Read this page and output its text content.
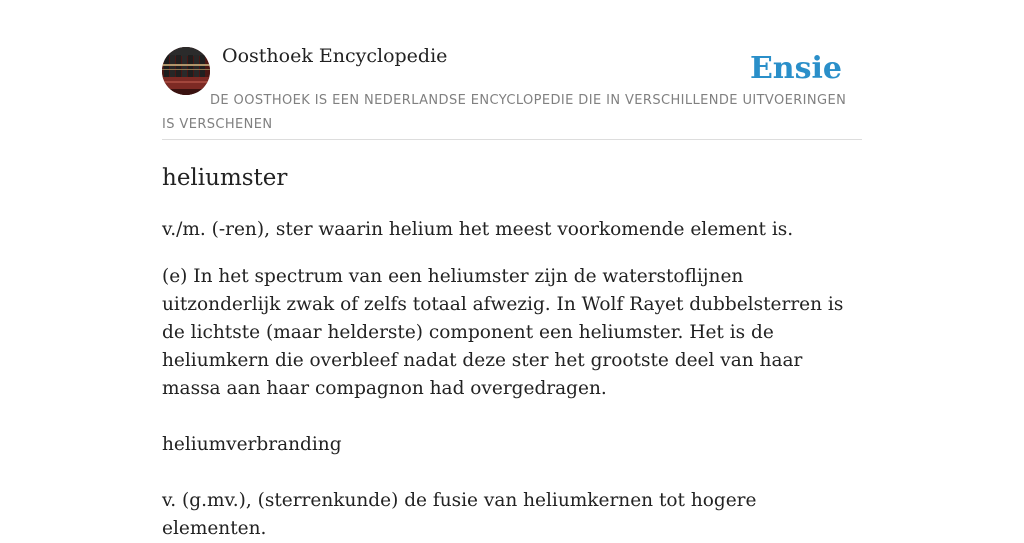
Oosthoek Encyclopedie	Ensie
DE OOSTHOEK IS EEN NEDERLANDSE ENCYCLOPEDIE DIE IN VERSCHILLENDE UITVOERINGEN IS VERSCHENEN
heliumster

v./m. (-ren), ster waarin helium het meest voorkomende element is.

(e) In het spectrum van een heliumster zijn de waterstoflijnen uitzonderlijk zwak of zelfs totaal afwezig. In Wolf Rayet dubbelsterren is de lichtste (maar helderste) component een heliumster. Het is de heliumkern die overbleef nadat deze ster het grootste deel van haar massa aan haar compagnon had overgedragen.

heliumverbranding

v. (g.mv.), (sterrenkunde) de fusie van heliumkernen tot hogere elementen.
